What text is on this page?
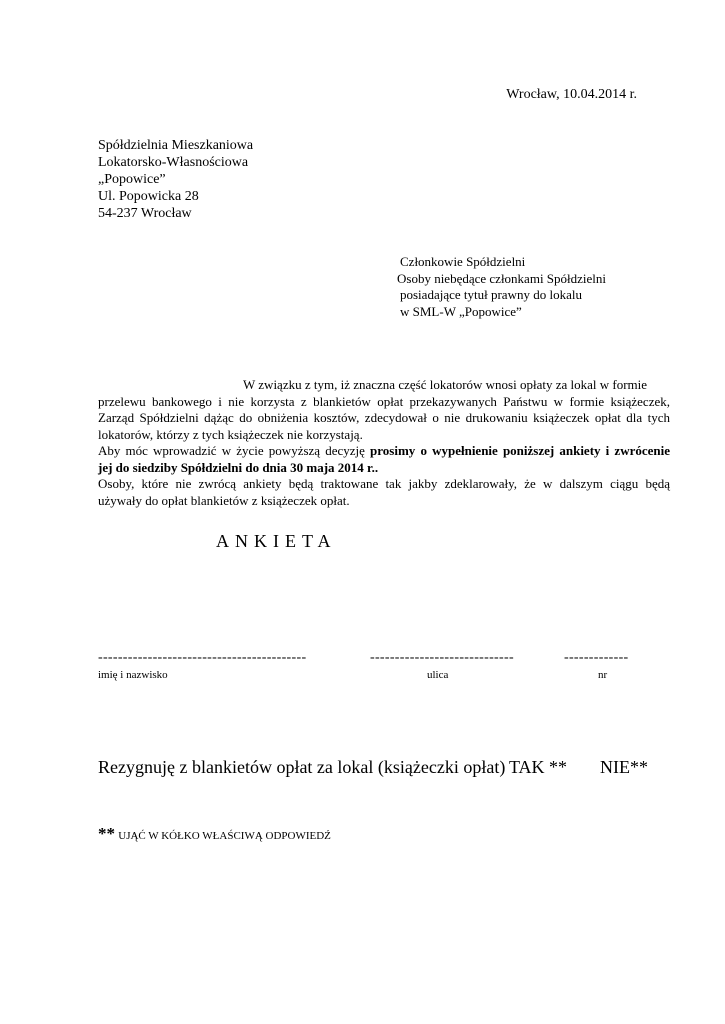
Wrocław, 10.04.2014 r.
Spółdzielnia Mieszkaniowa
Lokatorsko-Własnościowa
„Popowice”
Ul. Popowicka 28
54-237 Wrocław
Członkowie Spółdzielni
Osoby niebędące członkami Spółdzielni
posiadające tytuł prawny do lokalu
w SML-W „Popowice”
W związku z tym, iż znaczna część lokatorów wnosi opłaty za lokal w formie
przelewu bankowego i nie korzysta z blankietów opłat przekazywanych Państwu w formie książeczek,
Zarząd Spółdzielni dążąc do obniżenia kosztów, zdecydował o nie drukowaniu książeczek opłat dla tych
lokatorów, którzy z tych książeczek nie korzystają.
Aby móc wprowadzić w życie powyższą decyzję prosimy o wypełnienie poniższej ankiety i zwrócenie
jej do siedziby Spółdzielni do dnia 30 maja 2014 r..
Osoby, które nie zwrócą ankiety będą traktowane tak jakby zdeklarowały, że w dalszym ciągu będą
używały do opłat blankietów z książeczek opłat.
ANKIETA
------------------------------------------	-----------------------------	-------------
imię i nazwisko	ulica	nr
Rezygnuję z blankietów opłat za lokal (książeczki opłat) TAK ** NIE**
** UJĄĆ W KÓŁKO WŁAŚCIWĄ ODPOWIEDŹ
